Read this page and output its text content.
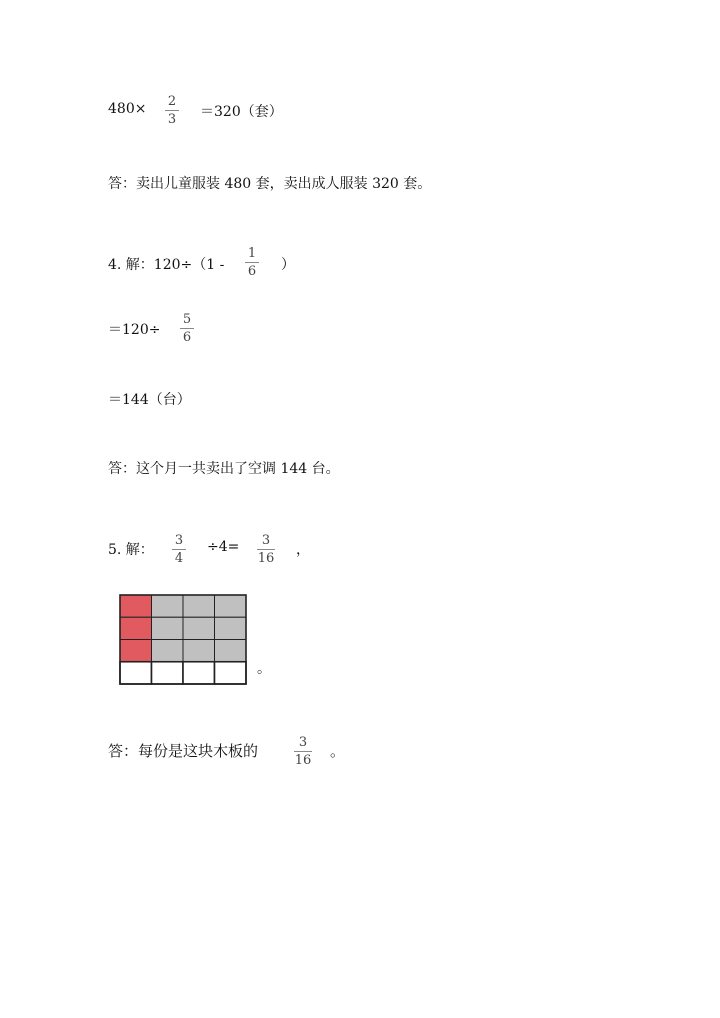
480× 2
3 ＝320（套）
答：卖出儿童服装 480 套，卖出成人服装 320 套。
4. 解：120÷（1 -
1
6 ）
＝120÷
5
6
＝144（台）
答：这个月一共卖出了空调 144 台。
5. 解：
3
4
÷4= 3
16
，
。
答：每份是这块木板的	3
16
。
